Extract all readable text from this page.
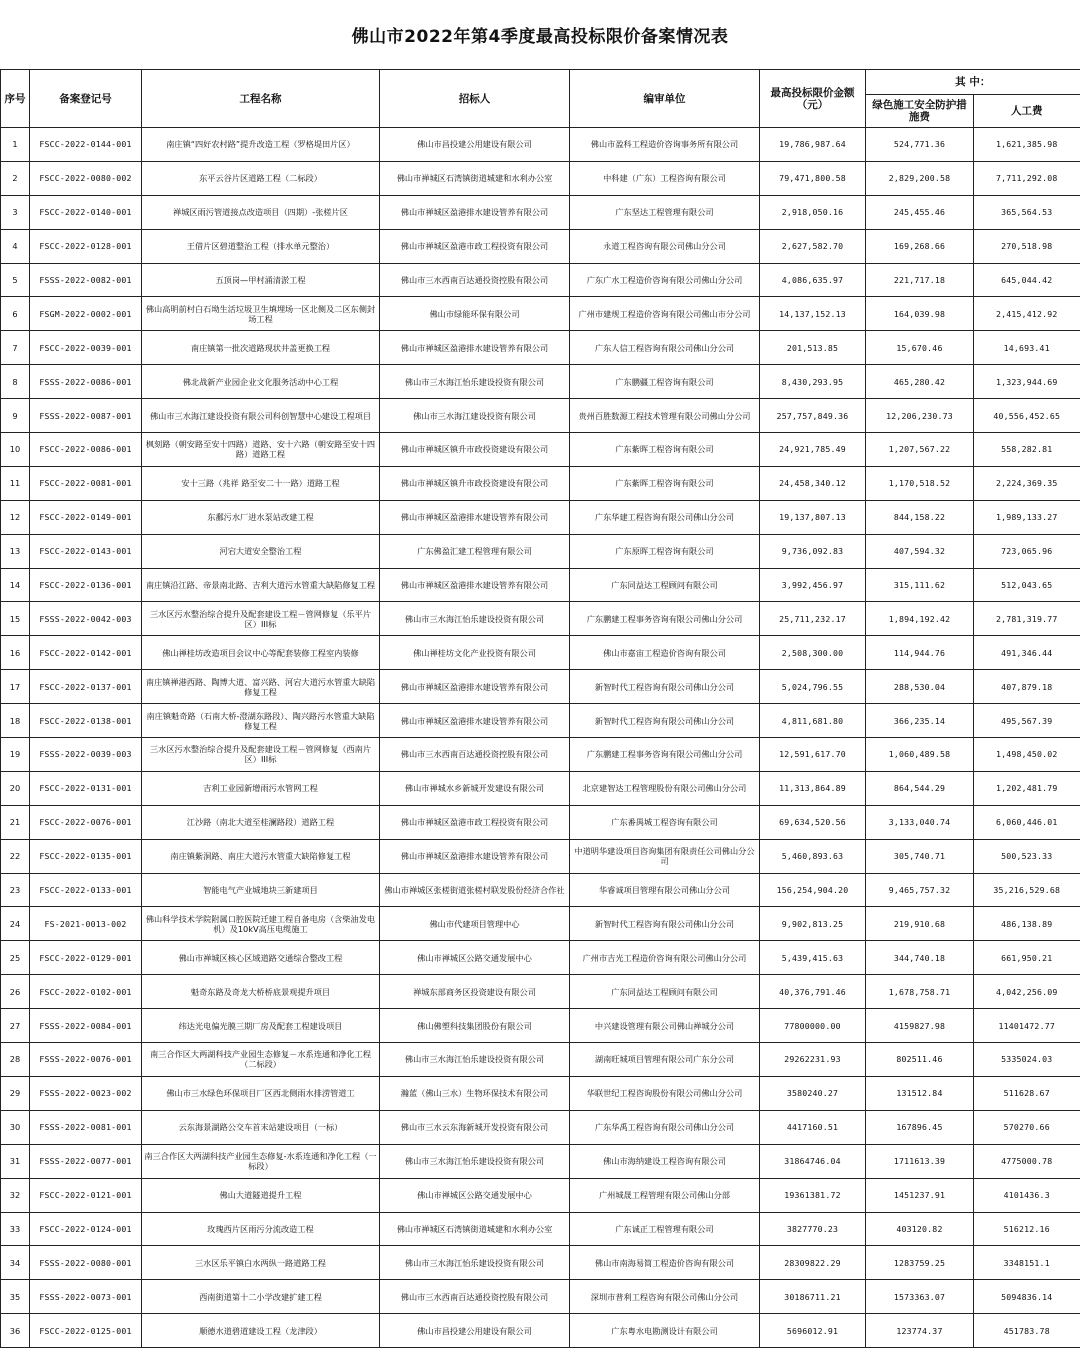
佛山市2022年第4季度最高投标限价备案情况表
序号	备案登记号	工程名称	招标人	编审单位	最高投标限价金额（元）	其 中：	
						绿色施工安全防护措施费	人工费
1	FSCC-2022-0144-001	南庄镇“四好农村路”提升改造工程（罗格堤田片区）	佛山市昌投建公用建设有限公司	佛山市盈科工程造价咨询事务所有限公司	19,786,987.64	524,771.36	1,621,385.98
2	FSCC-2022-0080-002	东平云谷片区道路工程（二标段）	佛山市禅城区石湾镇街道城建和水利办公室	中科建（广东）工程咨询有限公司	79,471,800.58	2,829,200.58	7,711,292.08
3	FSCC-2022-0140-001	禅城区雨污管道接点改造项目（四期）-张槎片区	佛山市禅城区盈港排水建设管养有限公司	广东坚达工程管理有限公司	2,918,050.16	245,455.46	365,564.53
4	FSCC-2022-0128-001	王借片区碧道整治工程（排水单元整治）	佛山市禅城区盈港市政工程投资有限公司	永道工程咨询有限公司佛山分公司	2,627,582.70	169,268.66	270,518.98
5	FSSS-2022-0082-001	五顶岗—甲村涌清淤工程	佛山市三水西南百达通投资控股有限公司	广东广水工程造价咨询有限公司佛山分公司	4,086,635.97	221,717.18	645,044.42
6	FSGM-2022-0002-001	佛山高明前村白石坳生活垃圾卫生填埋场一区北侧及二区东侧封场工程	佛山市绿能环保有限公司	广州市建规工程造价咨询有限公司佛山市分公司	14,137,152.13	164,039.98	2,415,412.92
7	FSCC-2022-0039-001	南庄镇第一批次道路现状井盖更换工程	佛山市禅城区盈港排水建设管养有限公司	广东人信工程咨询有限公司佛山分公司	201,513.85	15,670.46	14,693.41
8	FSSS-2022-0086-001	佛北战新产业园企业文化服务活动中心工程	佛山市三水海江怡乐建设投资有限公司	广东鹏疆工程咨询有限公司	8,430,293.95	465,280.42	1,323,944.69
9	FSSS-2022-0087-001	佛山市三水海江建设投资有限公司科创智慧中心建设工程项目	佛山市三水海江建设投资有限公司	贵州百胜数源工程技术管理有限公司佛山分公司	257,757,849.36	12,206,230.73	40,556,452.65
10	FSCC-2022-0086-001	枫刻路（朝安路至安十四路）道路、安十六路（朝安路至安十四路）道路工程	佛山市禅城区镇升市政投资建设有限公司	广东紫晖工程咨询有限公司	24,921,785.49	1,207,567.22	558,282.81
11	FSCC-2022-0081-001	安十三路（兆祥 路至安二十一路）道路工程	佛山市禅城区镇升市政投资建设有限公司	广东紫晖工程咨询有限公司	24,458,340.12	1,170,518.52	2,224,369.35
12	FSCC-2022-0149-001	东鄱污水厂进水泵站改建工程	佛山市禅城区盈港排水建设管养有限公司	广东华建工程咨询有限公司佛山分公司	19,137,807.13	844,158.22	1,989,133.27
13	FSCC-2022-0143-001	河宕大道安全整治工程	广东佛盈汇建工程管理有限公司	广东原晖工程咨询有限公司	9,736,092.83	407,594.32	723,065.96
14	FSCC-2022-0136-001	南庄镇沿江路、帝景南北路、吉利大道污水管重大缺陷修复工程	佛山市禅城区盈港排水建设管养有限公司	广东同益达工程顾问有限公司	3,992,456.97	315,111.62	512,043.65
15	FSSS-2022-0042-003	三水区污水整治综合提升及配套建设工程－管网修复（乐平片区）III标	佛山市三水海江怡乐建设投资有限公司	广东鹏建工程事务咨询有限公司佛山分公司	25,711,232.17	1,894,192.42	2,781,319.77
16	FSCC-2022-0142-001	佛山禅桂坊改造项目会议中心等配套装修工程室内装修	佛山禅桂坊文化产业投资有限公司	佛山市嘉宙工程造价咨询有限公司	2,508,300.00	114,944.76	491,346.44
17	FSCC-2022-0137-001	南庄镇禅港西路、陶博大道、富兴路、河宕大道污水管重大缺陷修复工程	佛山市禅城区盈港排水建设管养有限公司	新智时代工程咨询有限公司佛山分公司	5,024,796.55	288,530.04	407,879.18
18	FSCC-2022-0138-001	南庄镇魁奇路（石南大桥-澄湖东路段）、陶兴路污水管重大缺陷修复工程	佛山市禅城区盈港排水建设管养有限公司	新智时代工程咨询有限公司佛山分公司	4,811,681.80	366,235.14	495,567.39
19	FSSS-2022-0039-003	三水区污水整治综合提升及配套建设工程－管网修复（西南片区）III标	佛山市三水西南百达通投资控股有限公司	广东鹏建工程事务咨询有限公司佛山分公司	12,591,617.70	1,060,489.58	1,498,450.02
20	FSCC-2022-0131-001	吉利工业园新增雨污水管网工程	佛山市禅城水乡新城开发建设有限公司	北京建智达工程管理股份有限公司佛山分公司	11,313,864.89	864,544.29	1,202,481.79
21	FSCC-2022-0076-001	江沙路（南北大道至桂澜路段）道路工程	佛山市禅城区盈港市政工程投资有限公司	广东番禺城工程咨询有限公司	69,634,520.56	3,133,040.74	6,060,446.01
22	FSCC-2022-0135-001	南庄镇紫洞路、南庄大道污水管重大缺陷修复工程	佛山市禅城区盈港排水建设管养有限公司	中道明华建设项目咨询集团有限责任公司佛山分公司	5,460,893.63	305,740.71	500,523.33
23	FSCC-2022-0133-001	智能电气产业城地块三新建项目	佛山市禅城区张槎街道张槎村联发股份经济合作社	华睿诚项目管理有限公司佛山分公司	156,254,904.20	9,465,757.32	35,216,529.68
24	FS-2021-0013-002	佛山科学技术学院附属口腔医院迁建工程自备电房（含柴油发电机）及10kV高压电缆施工	佛山市代建项目管理中心	新智时代工程咨询有限公司佛山分公司	9,902,813.25	219,910.68	486,138.89
25	FSCC-2022-0129-001	佛山市禅城区核心区域道路交通综合整改工程	佛山市禅城区公路交通发展中心	广州市吉光工程造价咨询有限公司佛山分公司	5,439,415.63	344,740.18	661,950.21
26	FSCC-2022-0102-001	魁奇东路及奇龙大桥桥底景观提升项目	禅城东部商务区投资建设有限公司	广东同益达工程顾问有限公司	40,376,791.46	1,678,758.71	4,042,256.09
27	FSSS-2022-0084-001	纬达光电偏光膜三期厂房及配套工程建设项目	佛山佛塑科技集团股份有限公司	中兴建设管理有限公司佛山禅城分公司	77800000.00	4159827.98	11401472.77
28	FSSS-2022-0076-001	南三合作区大两湖科技产业园生态修复－水系连通和净化工程（二标段）	佛山市三水海江怡乐建设投资有限公司	湖南旺城项目管理有限公司广东分公司	29262231.93	802511.46	5335024.03
29	FSSS-2022-0023-002	佛山市三水绿色环保项目厂区西北侧雨水排涝管道工	瀚蓝（佛山三水）生物环保技术有限公司	华联世纪工程咨询股份有限公司佛山分公司	3580240.27	131512.84	511628.67
30	FSSS-2022-0081-001	云东海景湖路公交车首末站建设项目（一标）	佛山市三水云东海新城开发投资有限公司	广东华禹工程咨询有限公司佛山分公司	4417160.51	167896.45	570270.66
31	FSSS-2022-0077-001	南三合作区大两湖科技产业园生态修复-水系连通和净化工程（一标段）	佛山市三水海江怡乐建设投资有限公司	佛山市海纳建设工程咨询有限公司	31864746.04	1711613.39	4775000.78
32	FSCC-2022-0121-001	佛山大道隧道提升工程	佛山市禅城区公路交通发展中心	广州城晟工程管理有限公司佛山分部	19361381.72	1451237.91	4101436.3
33	FSCC-2022-0124-001	玫瑰西片区雨污分流改造工程	佛山市禅城区石湾镇街道城建和水利办公室	广东诚正工程管理有限公司	3827770.23	403120.82	516212.16
34	FSSS-2022-0080-001	三水区乐平镇白水两纵一路道路工程	佛山市三水海江怡乐建设投资有限公司	佛山市南海易简工程造价咨询有限公司	28309822.29	1283759.25	3348151.1
35	FSSS-2022-0073-001	西南街道第十二小学改建扩建工程	佛山市三水西南百达通投资控股有限公司	深圳市普利工程咨询有限公司佛山分公司	30186711.21	1573363.07	5094836.14
36	FSCC-2022-0125-001	顺德水道碧道建设工程（龙津段）	佛山市昌投建公用建设有限公司	广东粤水电勘测设计有限公司	5696012.91	123774.37	451783.78
